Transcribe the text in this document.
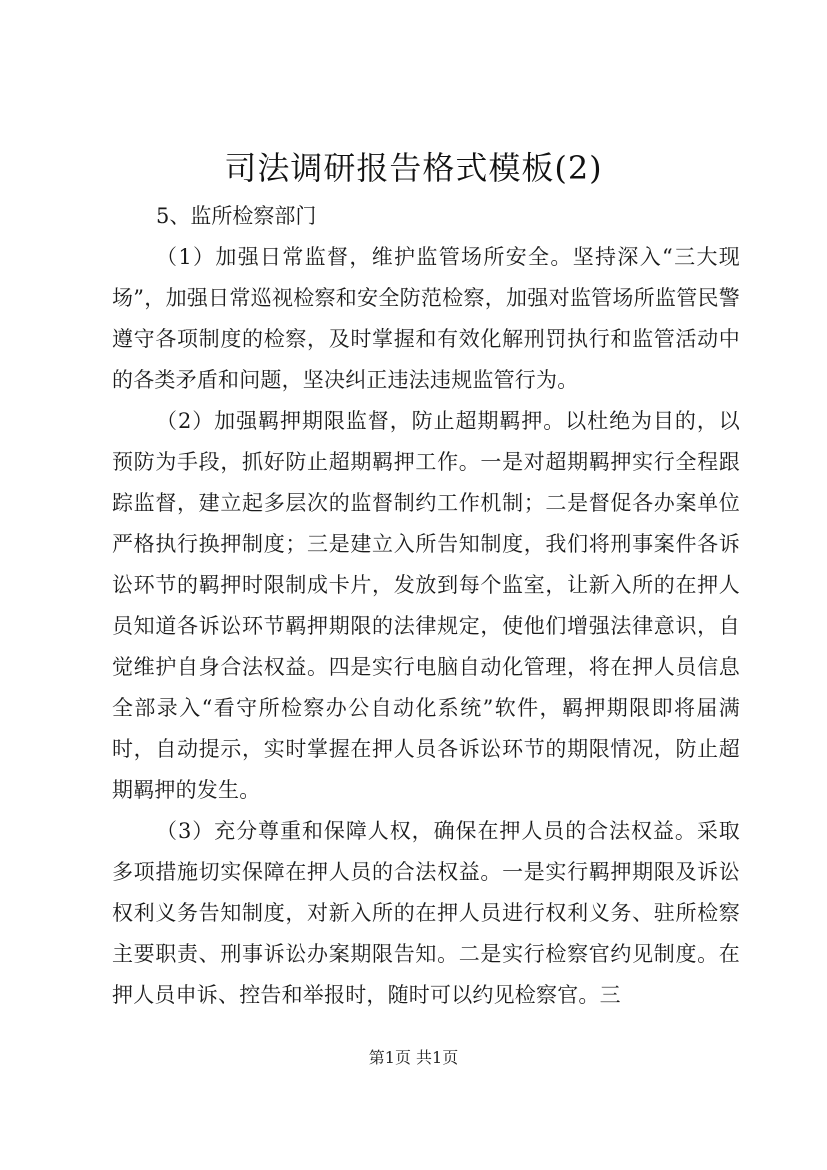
司法调研报告格式模板(2)

5、监所检察部门

（1）加强日常监督，维护监管场所安全。坚持深入“三大现场”，加强日常巡视检察和安全防范检察，加强对监管场所监管民警遵守各项制度的检察，及时掌握和有效化解刑罚执行和监管活动中的各类矛盾和问题，坚决纠正违法违规监管行为。

（2）加强羁押期限监督，防止超期羁押。以杜绝为目的，以预防为手段，抓好防止超期羁押工作。一是对超期羁押实行全程跟踪监督，建立起多层次的监督制约工作机制；二是督促各办案单位严格执行换押制度；三是建立入所告知制度，我们将刑事案件各诉讼环节的羁押时限制成卡片，发放到每个监室，让新入所的在押人员知道各诉讼环节羁押期限的法律规定，使他们增强法律意识，自觉维护自身合法权益。四是实行电脑自动化管理，将在押人员信息全部录入“看守所检察办公自动化系统”软件，羁押期限即将届满时，自动提示，实时掌握在押人员各诉讼环节的期限情况，防止超期羁押的发生。

（3）充分尊重和保障人权，确保在押人员的合法权益。采取多项措施切实保障在押人员的合法权益。一是实行羁押期限及诉讼权利义务告知制度，对新入所的在押人员进行权利义务、驻所检察主要职责、刑事诉讼办案期限告知。二是实行检察官约见制度。在押人员申诉、控告和举报时，随时可以约见检察官。三

第1页 共1页
